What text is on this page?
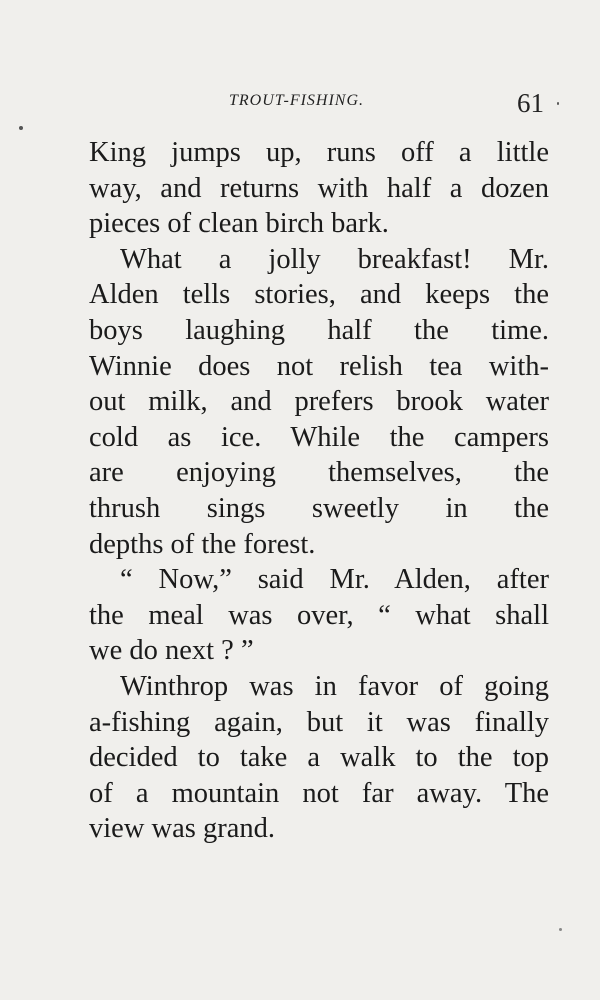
TROUT-FISHING.	61
King jumps up, runs off a little
way, and returns with half a dozen
pieces of clean birch bark.
What a jolly breakfast! Mr.
Alden tells stories, and keeps the
boys laughing half the time.
Winnie does not relish tea with-
out milk, and prefers brook water
cold as ice. While the campers
are enjoying themselves, the
thrush sings sweetly in the
depths of the forest.
“ Now,” said Mr. Alden, after
the meal was over, “ what shall
we do next ? ”
Winthrop was in favor of going
a-fishing again, but it was finally
decided to take a walk to the top
of a mountain not far away. The
view was grand.
